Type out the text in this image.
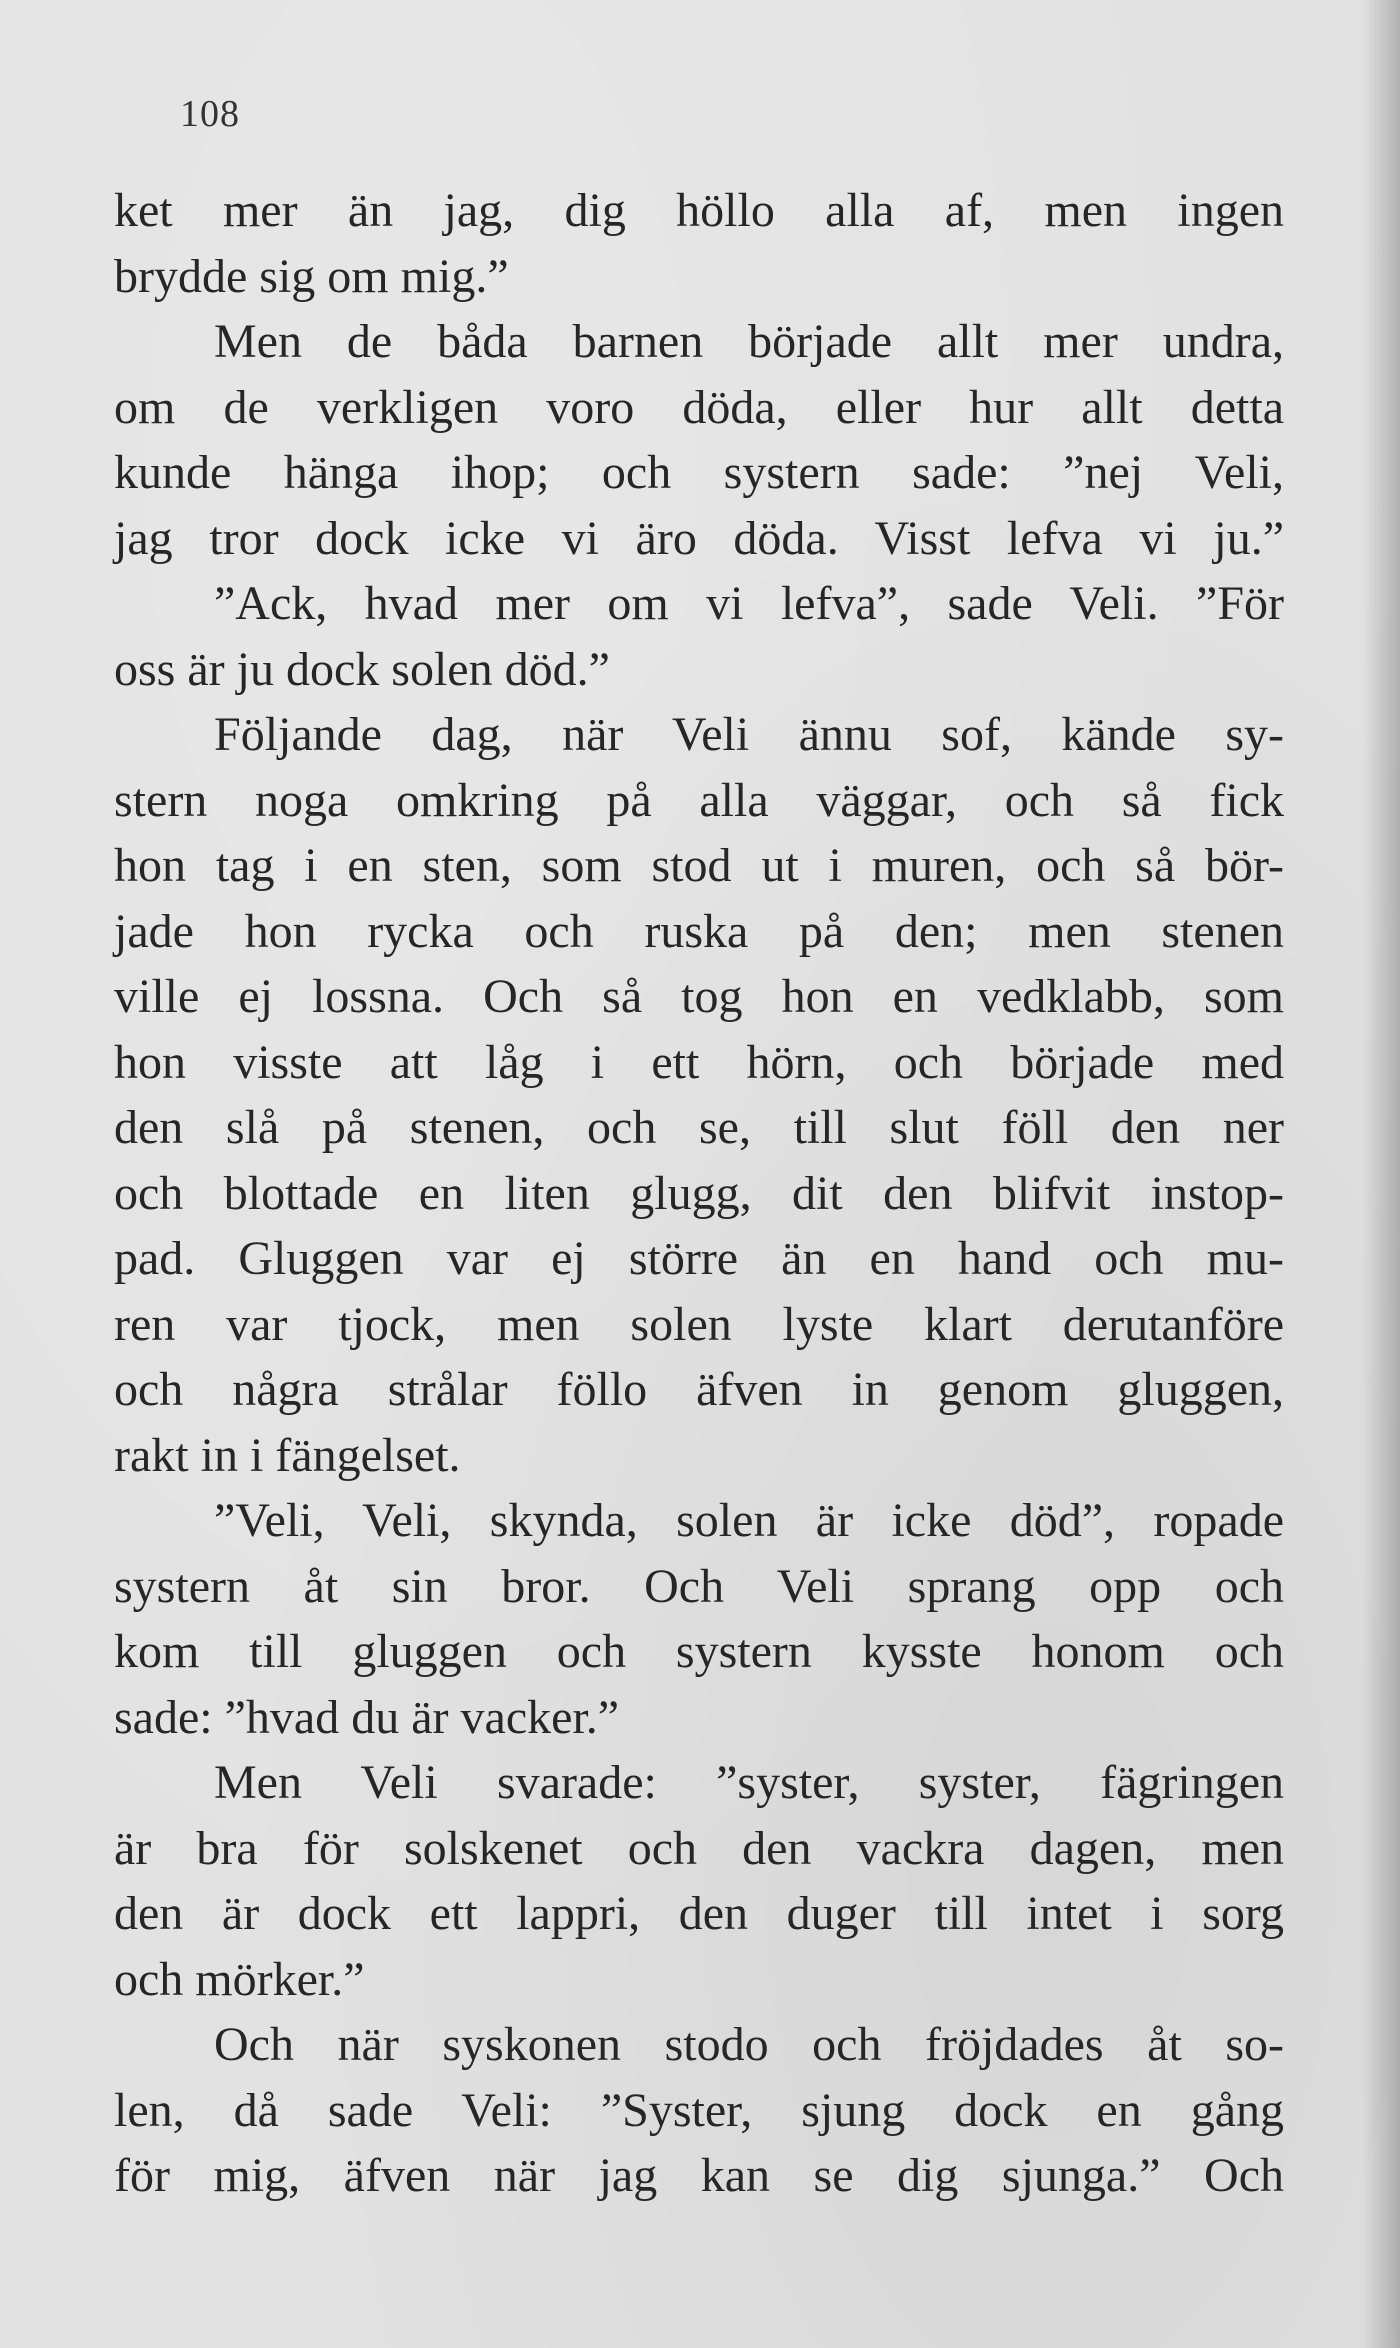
108
ket mer än jag, dig höllo alla af, men ingen
brydde sig om mig.”
Men de båda barnen började allt mer undra,
om de verkligen voro döda, eller hur allt detta
kunde hänga ihop; och systern sade: ”nej Veli,
jag tror dock icke vi äro döda. Visst lefva vi ju.”
”Ack, hvad mer om vi lefva”, sade Veli. ”För
oss är ju dock solen död.”
Följande dag, när Veli ännu sof, kände sy-
stern noga omkring på alla väggar, och så fick
hon tag i en sten, som stod ut i muren, och så bör-
jade hon rycka och ruska på den; men stenen
ville ej lossna. Och så tog hon en vedklabb, som
hon visste att låg i ett hörn, och började med
den slå på stenen, och se, till slut föll den ner
och blottade en liten glugg, dit den blifvit instop-
pad. Gluggen var ej större än en hand och mu-
ren var tjock, men solen lyste klart derutanföre
och några strålar föllo äfven in genom gluggen,
rakt in i fängelset.
”Veli, Veli, skynda, solen är icke död”, ropade
systern åt sin bror. Och Veli sprang opp och
kom till gluggen och systern kysste honom och
sade: ”hvad du är vacker.”
Men Veli svarade: ”syster, syster, fägringen
är bra för solskenet och den vackra dagen, men
den är dock ett lappri, den duger till intet i sorg
och mörker.”
Och när syskonen stodo och fröjdades åt so-
len, då sade Veli: ”Syster, sjung dock en gång
för mig, äfven när jag kan se dig sjunga.” Och
